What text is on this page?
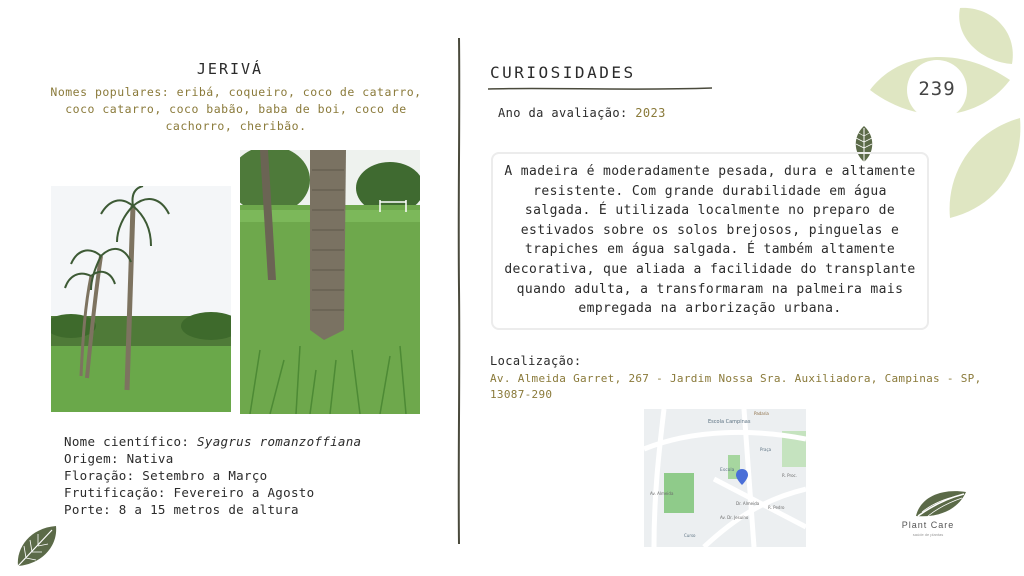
239
JERIVÁ
Nomes populares: eribá, coqueiro, coco de catarro, coco catarro, coco babão, baba de boi, coco de cachorro, cheribão.
Nome científico: Syagrus romanzoffiana
Origem: Nativa
Floração: Setembro a Março
Frutificação: Fevereiro a Agosto
Porte: 8 a 15 metros de altura
CURIOSIDADES
Ano da avaliação: 2023
A madeira é moderadamente pesada, dura e altamente resistente. Com grande durabilidade em água salgada. É utilizada localmente no preparo de estivados sobre os solos brejosos, pinguelas e trapiches em água salgada. É também altamente decorativa, que aliada a facilidade do transplante quando adulta, a transformaram na palmeira mais empregada na arborização urbana.
Localização:
Av. Almeida Garret, 267 - Jardim Nossa Sra. Auxiliadora, Campinas - SP, 13087-290
Escola Campinas
Padaria
Praça
Escola
R. Proc.
Av. Dr. Jesuíno
R. Pedro
Dr. Almeida
Av. Almeida
Curso
Plant Care
saúde de plantas
